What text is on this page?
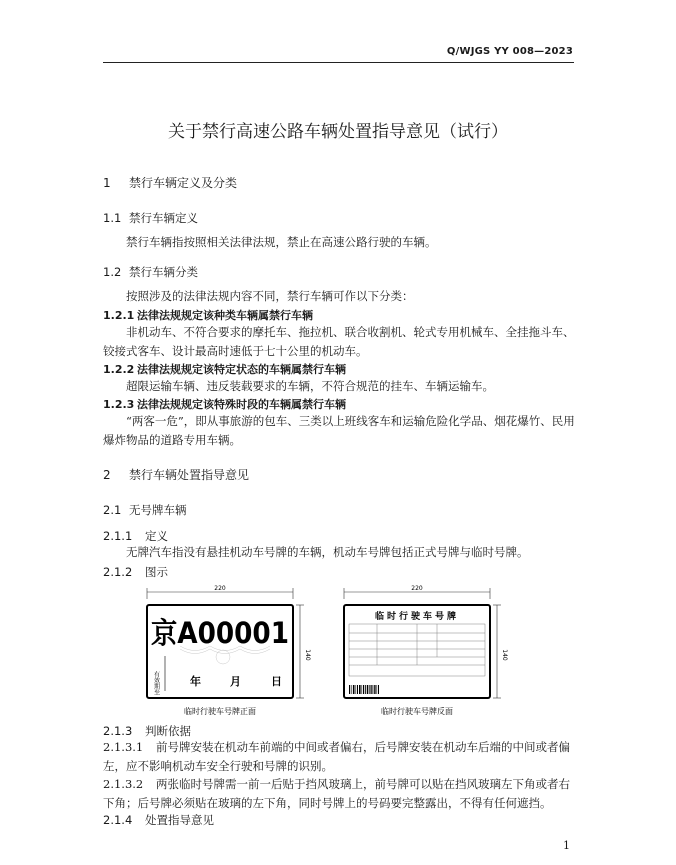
Q/WJGS YY 008—2023
关于禁行高速公路车辆处置指导意见（试行）
1 禁行车辆定义及分类
1.1 禁行车辆定义
禁行车辆指按照相关法律法规，禁止在高速公路行驶的车辆。
1.2 禁行车辆分类
按照涉及的法律法规内容不同，禁行车辆可作以下分类：
1.2.1 法律法规规定该种类车辆属禁行车辆
非机动车、不符合要求的摩托车、拖拉机、联合收割机、轮式专用机械车、全挂拖斗车、铰接式客车、设计最高时速低于七十公里的机动车。
1.2.2 法律法规规定该特定状态的车辆属禁行车辆
超限运输车辆、违反装载要求的车辆，不符合规范的挂车、车辆运输车。
1.2.3 法律法规规定该特殊时段的车辆属禁行车辆
“两客一危”，即从事旅游的包车、三类以上班线客车和运输危险化学品、烟花爆竹、民用爆炸物品的道路专用车辆。
2 禁行车辆处置指导意见
2.1 无号牌车辆
2.1.1 定义
无牌汽车指没有悬挂机动车号牌的车辆，机动车号牌包括正式号牌与临时号牌。
2.1.2 图示
220
京A00001
有效期至	年	月	日
140
临时行驶车号牌正面
220
临时行驶车号牌
140
临时行驶车号牌反面
2.1.3 判断依据
2.1.3.1 前号牌安装在机动车前端的中间或者偏右，后号牌安装在机动车后端的中间或者偏左，应不影响机动车安全行驶和号牌的识别。
2.1.3.2 两张临时号牌需一前一后贴于挡风玻璃上，前号牌可以贴在挡风玻璃左下角或者右下角；后号牌必须贴在玻璃的左下角，同时号牌上的号码要完整露出，不得有任何遮挡。
2.1.4 处置指导意见
1
